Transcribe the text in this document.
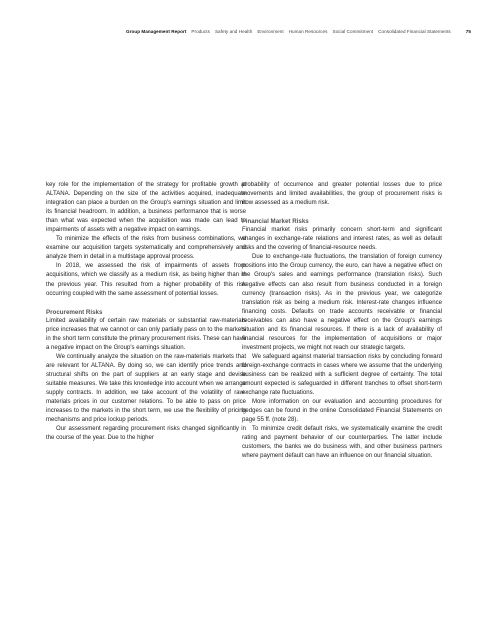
Group Management Report Products Safety and Health Environment Human Resources Social Commitment Consolidated Financial Statements	75

key role for the implementation of the strategy for profitable growth at ALTANA. Depending on the size of the activities acquired, inadequate integration can place a burden on the Group's earnings situation and limit its financial headroom. In addition, a business performance that is worse than what was expected when the acquisition was made can lead to impairments of assets with a negative impact on earnings.

To minimize the effects of the risks from business combinations, we examine our acquisition targets systematically and comprehensively and analyze them in detail in a multistage approval process.

In 2018, we assessed the risk of impairments of assets from acquisitions, which we classify as a medium risk, as being higher than in the previous year. This resulted from a higher probability of this risk occurring coupled with the same assessment of potential losses.

Procurement Risks

Limited availability of certain raw materials or substantial raw-materials price increases that we cannot or can only partially pass on to the markets in the short term constitute the primary procurement risks. These can have a negative impact on the Group's earnings situation.

We continually analyze the situation on the raw-materials markets that are relevant for ALTANA. By doing so, we can identify price trends and structural shifts on the part of suppliers at an early stage and devise suitable measures. We take this knowledge into account when we arrange supply contracts. In addition, we take account of the volatility of raw-materials prices in our customer relations. To be able to pass on price increases to the markets in the short term, we use the flexibility of pricing mechanisms and price lockup periods.

Our assessment regarding procurement risks changed significantly in the course of the year. Due to the higher

probability of occurrence and greater potential losses due to price movements and limited availabilities, the group of procurement risks is now assessed as a medium risk.

Financial Market Risks

Financial market risks primarily concern short-term and significant changes in exchange-rate relations and interest rates, as well as default risks and the covering of financial-resource needs.

Due to exchange-rate fluctuations, the translation of foreign currency positions into the Group currency, the euro, can have a negative effect on the Group's sales and earnings performance (translation risks). Such negative effects can also result from business conducted in a foreign currency (transaction risks). As in the previous year, we categorize translation risk as being a medium risk. Interest-rate changes influence financing costs. Defaults on trade accounts receivable or financial receivables can also have a negative effect on the Group's earnings situation and its financial resources. If there is a lack of availability of financial resources for the implementation of acquisitions or major investment projects, we might not reach our strategic targets.

We safeguard against material transaction risks by concluding forward foreign-exchange contracts in cases where we assume that the underlying business can be realized with a sufficient degree of certainty. The total amount expected is safeguarded in different tranches to offset short-term exchange rate fluctuations.

More information on our evaluation and accounting procedures for hedges can be found in the online Consolidated Financial Statements on page 55 ff. (note 28).

To minimize credit default risks, we systematically examine the credit rating and payment behavior of our counterparties. The latter include customers, the banks we do business with, and other business partners where payment default can have an influence on our financial situation.
